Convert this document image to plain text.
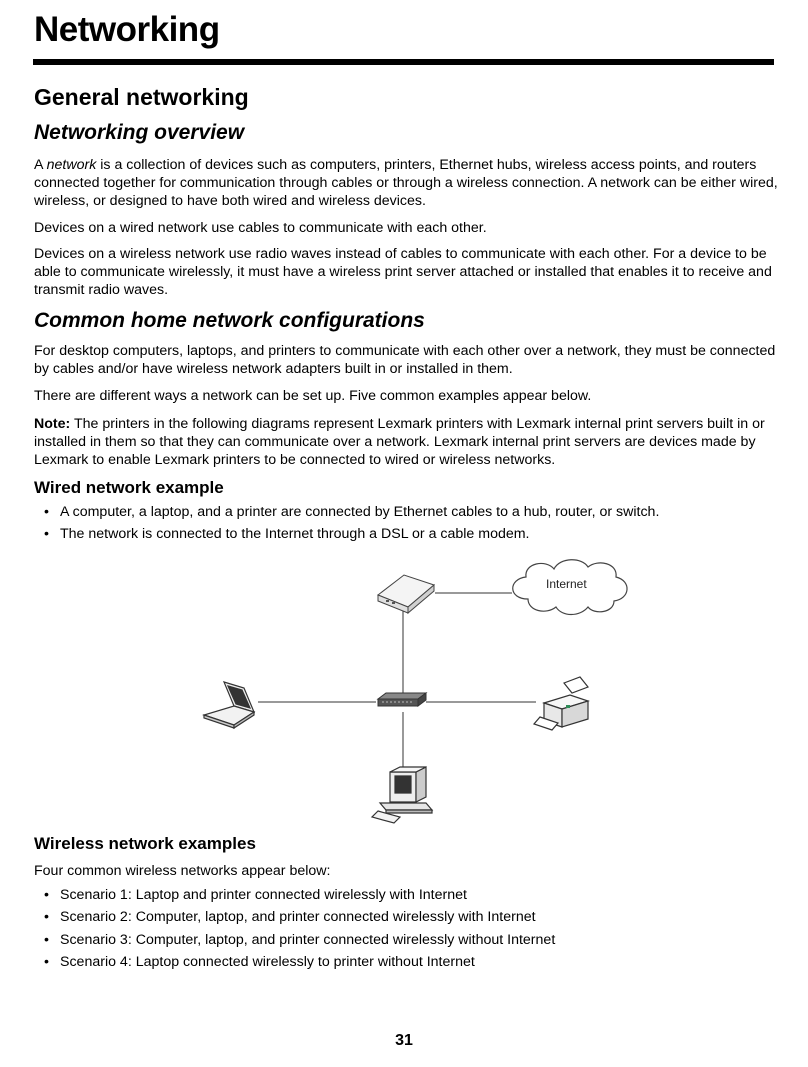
Networking
General networking
Networking overview

A network is a collection of devices such as computers, printers, Ethernet hubs, wireless access points, and routers connected together for communication through cables or through a wireless connection. A network can be either wired, wireless, or designed to have both wired and wireless devices.

Devices on a wired network use cables to communicate with each other.

Devices on a wireless network use radio waves instead of cables to communicate with each other. For a device to be able to communicate wirelessly, it must have a wireless print server attached or installed that enables it to receive and transmit radio waves.

Common home network configurations

For desktop computers, laptops, and printers to communicate with each other over a network, they must be connected by cables and/or have wireless network adapters built in or installed in them.

There are different ways a network can be set up. Five common examples appear below.

Note: The printers in the following diagrams represent Lexmark printers with Lexmark internal print servers built in or installed in them so that they can communicate over a network. Lexmark internal print servers are devices made by Lexmark to enable Lexmark printers to be connected to wired or wireless networks.

Wired network example
• A computer, a laptop, and a printer are connected by Ethernet cables to a hub, router, or switch.
• The network is connected to the Internet through a DSL or a cable modem.
Internet
Wireless network examples

Four common wireless networks appear below:

• Scenario 1: Laptop and printer connected wirelessly with Internet
• Scenario 2: Computer, laptop, and printer connected wirelessly with Internet
• Scenario 3: Computer, laptop, and printer connected wirelessly without Internet
• Scenario 4: Laptop connected wirelessly to printer without Internet
31
